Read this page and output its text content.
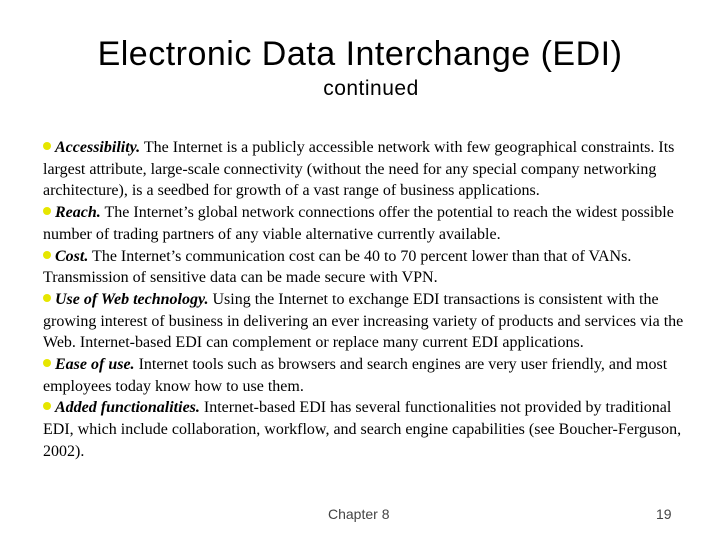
Electronic Data Interchange (EDI)
continued

Accessibility. The Internet is a publicly accessible network with few geographical constraints. Its largest attribute, large-scale connectivity (without the need for any special company networking architecture), is a seedbed for growth of a vast range of business applications.

Reach. The Internet’s global network connections offer the potential to reach the widest possible number of trading partners of any viable alternative currently available.

Cost. The Internet’s communication cost can be 40 to 70 percent lower than that of VANs. Transmission of sensitive data can be made secure with VPN.

Use of Web technology. Using the Internet to exchange EDI transactions is consistent with the growing interest of business in delivering an ever increasing variety of products and services via the Web. Internet-based EDI can complement or replace many current EDI applications.

Ease of use. Internet tools such as browsers and search engines are very user friendly, and most employees today know how to use them.

Added functionalities. Internet-based EDI has several functionalities not provided by traditional EDI, which include collaboration, workflow, and search engine capabilities (see Boucher-Ferguson, 2002).

Chapter 8	19
